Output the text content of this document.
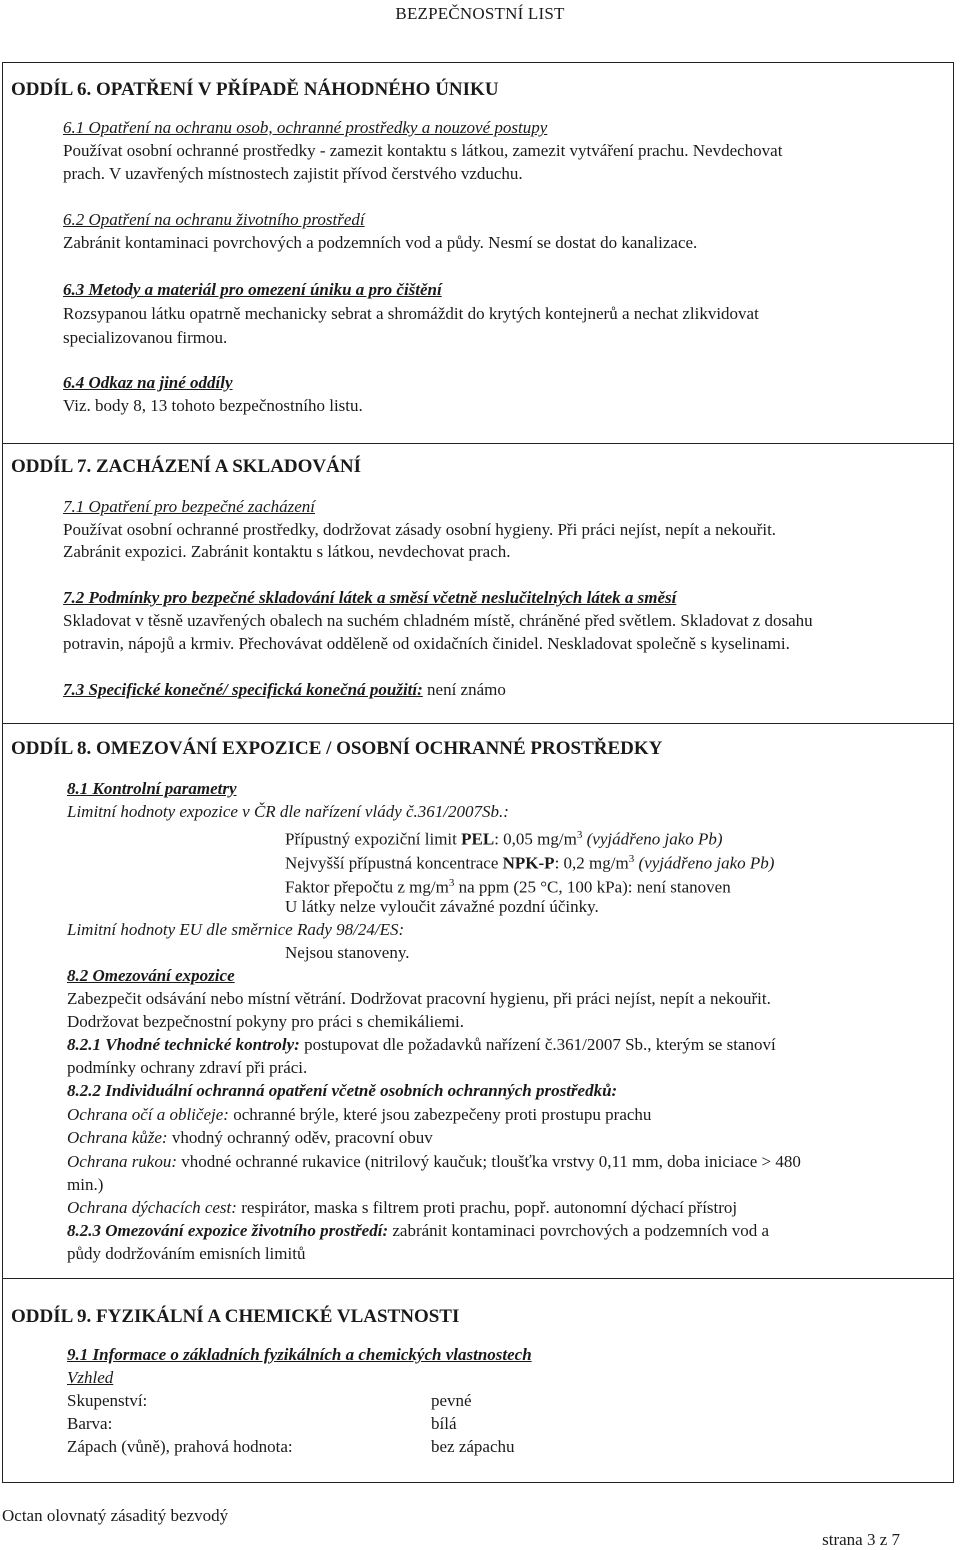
BEZPEČNOSTNÍ LIST
ODDÍL 6. OPATŘENÍ V PŘÍPADĚ NÁHODNÉHO ÚNIKU
6.1 Opatření na ochranu osob, ochranné prostředky a nouzové postupy
Používat osobní ochranné prostředky - zamezit kontaktu s látkou, zamezit vytváření prachu. Nevdechovat
prach. V uzavřených místnostech zajistit přívod čerstvého vzduchu.
6.2 Opatření na ochranu životního prostředí
Zabránit kontaminaci povrchových a podzemních vod a půdy. Nesmí se dostat do kanalizace.
6.3 Metody a materiál pro omezení úniku a pro čištění
Rozsypanou látku opatrně mechanicky sebrat a shromáždit do krytých kontejnerů a nechat zlikvidovat
specializovanou firmou.
6.4 Odkaz na jiné oddíly
Viz. body 8, 13 tohoto bezpečnostního listu.
ODDÍL 7. ZACHÁZENÍ A SKLADOVÁNÍ
7.1 Opatření pro bezpečné zacházení
Používat osobní ochranné prostředky, dodržovat zásady osobní hygieny. Při práci nejíst, nepít a nekouřit.
Zabránit expozici. Zabránit kontaktu s látkou, nevdechovat prach.
7.2 Podmínky pro bezpečné skladování látek a směsí včetně neslučitelných látek a směsí
Skladovat v těsně uzavřených obalech na suchém chladném místě, chráněné před světlem. Skladovat z dosahu
potravin, nápojů a krmiv. Přechovávat odděleně od oxidačních činidel. Neskladovat společně s kyselinami.
7.3 Specifické konečné/ specifická konečná použití: není známo
ODDÍL 8. OMEZOVÁNÍ EXPOZICE / OSOBNÍ OCHRANNÉ PROSTŘEDKY
8.1 Kontrolní parametry
Limitní hodnoty expozice v ČR dle nařízení vlády č.361/2007Sb.:
Přípustný expoziční limit PEL: 0,05 $mg/m^3$ (vyjádřeno jako Pb)
Nejvyšší přípustná koncentrace NPK-P: 0,2 $mg/m^3$ (vyjádřeno jako Pb)
Faktor přepočtu z $mg/m^3$ na ppm (25 °C, 100 kPa): není stanoven
U látky nelze vyloučit závažné pozdní účinky.
Limitní hodnoty EU dle směrnice Rady 98/24/ES:
Nejsou stanoveny.
8.2 Omezování expozice
Zabezpečit odsávání nebo místní větrání. Dodržovat pracovní hygienu, při práci nejíst, nepít a nekouřit.
Dodržovat bezpečnostní pokyny pro práci s chemikáliemi.
8.2.1 Vhodné technické kontroly: postupovat dle požadavků nařízení č.361/2007 Sb., kterým se stanoví
podmínky ochrany zdraví při práci.
8.2.2 Individuální ochranná opatření včetně osobních ochranných prostředků:
Ochrana očí a obličeje: ochranné brýle, které jsou zabezpečeny proti prostupu prachu
Ochrana kůže: vhodný ochranný oděv, pracovní obuv
Ochrana rukou: vhodné ochranné rukavice (nitrilový kaučuk; tloušťka vrstvy 0,11 mm, doba iniciace > 480
min.)
Ochrana dýchacích cest: respirátor, maska s filtrem proti prachu, popř. autonomní dýchací přístroj
8.2.3 Omezování expozice životního prostředí: zabránit kontaminaci povrchových a podzemních vod a
půdy dodržováním emisních limitů
ODDÍL 9. FYZIKÁLNÍ A CHEMICKÉ VLASTNOSTI
9.1 Informace o základních fyzikálních a chemických vlastnostech
Vzhled
Skupenství:	pevné
Barva:	bílá
Zápach (vůně), prahová hodnota:	bez zápachu
Octan olovnatý zásaditý bezvodý
strana 3 z 7
